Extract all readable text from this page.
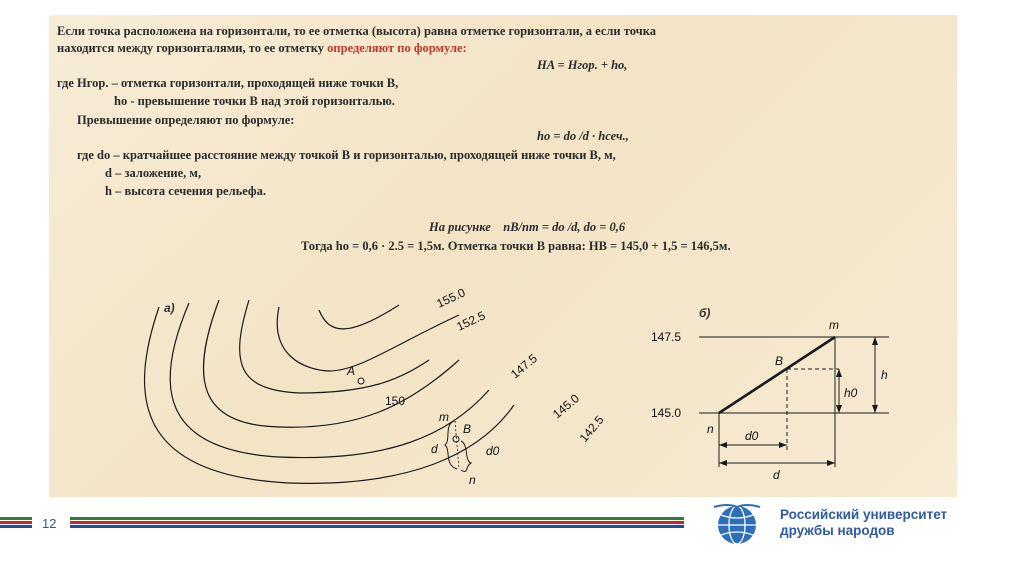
Если точка расположена на горизонтали, то ее отметка (высота) равна отметке горизонтали, а если точка
находится между горизонталями, то ее отметку определяют по формуле:
HA = Hгор. + ho,
где Hгор. – отметка горизонтали, проходящей ниже точки B,
ho - превышение точки B над этой горизонталью.
Превышение определяют по формуле:
ho = do /d · hсеч.,
где do – кратчайшее расстояние между точкой B и горизонталью, проходящей ниже точки B, м,
d – заложение, м,
h – высота сечения рельефа.
На рисунке nB/nm = do /d, do = 0,6
Тогда ho = 0,6 · 2.5 = 1,5м. Отметка точки B равна: HB = 145,0 + 1,5 = 146,5м.
а)	155.0
152.5
150
147.5
145.0
142.5
A
B
m
n
d	d0
б)
147.5
145.0
m
B
n
h
h0
d0
d
12
Российский университет
дружбы народов
